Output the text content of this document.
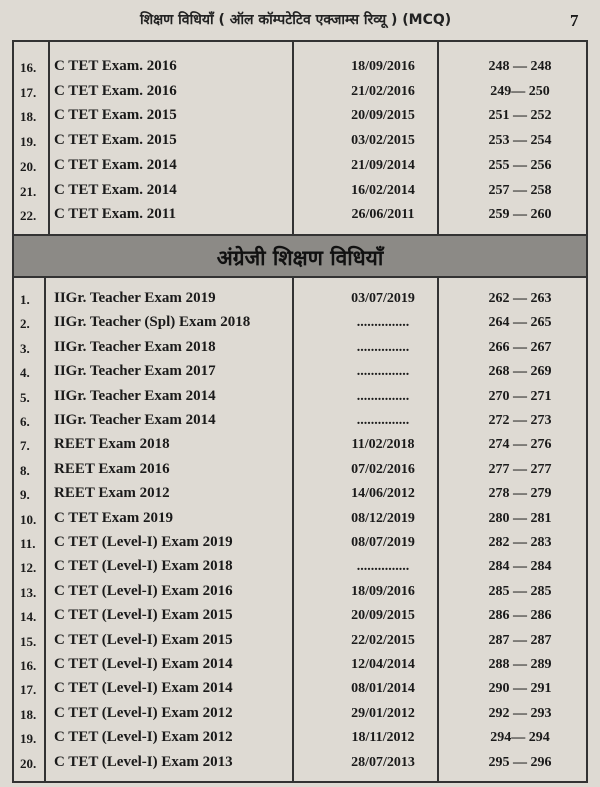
शिक्षण विधियाँ ( ऑल कॉम्पटेटिव एक्जाम्स रिव्यू ) (MCQ)	7
अंग्रेजी शिक्षण विधियाँ
16. C TET Exam. 2016	18/09/2016	248 — 248
17. C TET Exam. 2016	21/02/2016	249— 250
18. C TET Exam. 2015	20/09/2015	251 — 252
19. C TET Exam. 2015	03/02/2015	253 — 254
20. C TET Exam. 2014	21/09/2014	255 — 256
21. C TET Exam. 2014	16/02/2014	257 — 258
22. C TET Exam. 2011	26/06/2011	259 — 260
1. IIGr. Teacher Exam 2019	03/07/2019	262 — 263
2. IIGr. Teacher (Spl) Exam 2018	...............	264 — 265
3. IIGr. Teacher Exam 2018	...............	266 — 267
4. IIGr. Teacher Exam 2017	...............	268 — 269
5. IIGr. Teacher Exam 2014	...............	270 — 271
6. IIGr. Teacher Exam 2014	...............	272 — 273
7. REET Exam 2018	11/02/2018	274 — 276
8. REET Exam 2016	07/02/2016	277 — 277
9. REET Exam 2012	14/06/2012	278 — 279
10. C TET Exam 2019	08/12/2019	280 — 281
11. C TET (Level-I) Exam 2019	08/07/2019	282 — 283
12. C TET (Level-I) Exam 2018	...............	284 — 284
13. C TET (Level-I) Exam 2016	18/09/2016	285 — 285
14. C TET (Level-I) Exam 2015	20/09/2015	286 — 286
15. C TET (Level-I) Exam 2015	22/02/2015	287 — 287
16. C TET (Level-I) Exam 2014	12/04/2014	288 — 289
17. C TET (Level-I) Exam 2014	08/01/2014	290 — 291
18. C TET (Level-I) Exam 2012	29/01/2012	292 — 293
19. C TET (Level-I) Exam 2012	18/11/2012	294— 294
20. C TET (Level-I) Exam 2013	28/07/2013	295 — 296
